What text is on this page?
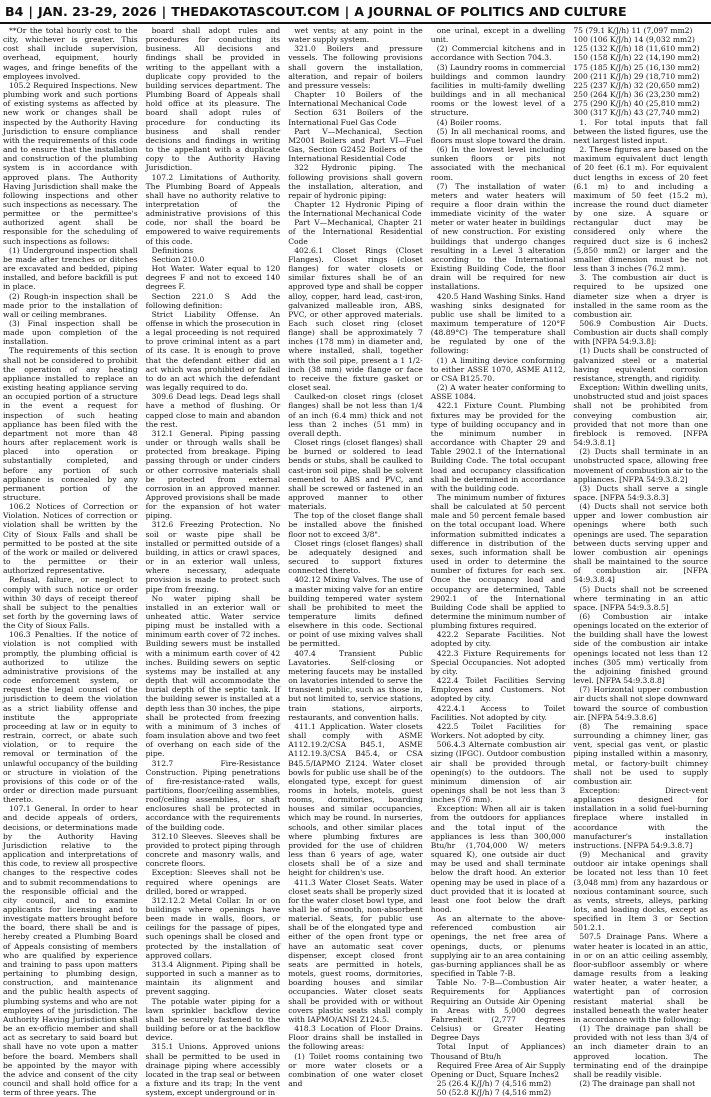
B4 | JAN. 23-29, 2026 | THEDAKOTASCOUT.COM | A JOURNAL OF POLITICS AND CULTURE

**Or the total hourly cost to the city, whichever is greater. This cost shall include supervision, overhead, equipment, hourly wages, and fringe benefits of the employees involved.

105.2 Required Inspections. New plumbing work and such portions of existing systems as affected by new work or changes shall be inspected by the Authority Having Jurisdiction to ensure compliance with the requirements of this code and to ensure that the installation and construction of the plumbing system is in accordance with approved plans. The Authority Having Jurisdiction shall make the following inspections and other such inspections as necessary. The permittee or the permittee's authorized agent shall be responsible for the scheduling of such inspections as follows:

(1) Underground inspection shall be made after trenches or ditches are excavated and bedded, piping installed, and before backfill is put in place.

(2) Rough-in inspection shall be made prior to the installation of wall or ceiling membranes.

(3) Final inspection shall be made upon completion of the installation.

The requirements of this section shall not be considered to prohibit the operation of any heating appliance installed to replace an existing heating appliance serving an occupied portion of a structure in the event a request for inspection of such heating appliance has been filed with the department not more than 48 hours after replacement work is placed into operation or substantially completed, and before any portion of such appliance is concealed by any permanent portion of the structure.

106.2 Notices of Correction or Violation. Notices of correction or violation shall be written by the City of Sioux Falls and shall be permitted to be posted at the site of the work or mailed or delivered to the permittee or their authorized representative.

Refusal, failure, or neglect to comply with such notice or order within 30 days of receipt thereof shall be subject to the penalties set forth by the governing laws of the City of Sioux Falls.

106.3 Penalties. If the notice of violation is not complied with promptly, the plumbing official is authorized to utilize the administrative provisions of the code enforcement system, or request the legal counsel of the jurisdiction to deem the violation as a strict liability offense and institute the appropriate proceeding at law or in equity to restrain, correct, or abate such violation, or to require the removal or termination of the unlawful occupancy of the building or structure in violation of the provisions of this code or of the order or direction made pursuant thereto.

107.1 General. In order to hear and decide appeals of orders, decisions, or determinations made by the Authority Having Jurisdiction relative to the application and interpretations of this code, to review all prospective changes to the respective codes and to submit recommendations to the responsible official and the city council, and to examine applicants for licensing and to investigate matters brought before the board, there shall be and is hereby created a Plumbing Board of Appeals consisting of members who are qualified by experience and training to pass upon matters pertaining to plumbing design, construction, and maintenance and the public health aspects of plumbing systems and who are not employees of the jurisdiction. The Authority Having Jurisdiction shall be an ex-officio member and shall act as secretary to said board but shall have no vote upon a matter before the board. Members shall be appointed by the mayor with the advice and consent of the city council and shall hold office for a term of three years. The

board shall adopt rules and procedures for conducting its business. All decisions and findings shall be provided in writing to the appellant with a duplicate copy provided to the building services department. The Plumbing Board of Appeals shall hold office at its pleasure. The board shall adopt rules of procedure for conducting its business and shall render decisions and findings in writing to the appellant with a duplicate copy to the Authority Having Jurisdiction.

107.2 Limitations of Authority. The Plumbing Board of Appeals shall have no authority relative to interpretation of the administrative provisions of this code, nor shall the board be empowered to waive requirements of this code.

Definitions

Section 210.0

Hot Water. Water equal to 120 degrees F and not to exceed 140 degrees F.

Section 221.0 S Add the following definition:

Strict Liability Offense. An offense in which the prosecution in a legal proceeding is not required to prove criminal intent as a part of its case. It is enough to prove that the defendant either did an act which was prohibited or failed to do an act which the defendant was legally required to do.

309.6 Dead legs. Dead legs shall have a method of flushing. Or capped close to main and abandon the rest.

312.1 General. Piping passing under or through walls shall be protected from breakage. Piping passing through or under cinders or other corrosive materials shall be protected from external corrosion in an approved manner. Approved provisions shall be made for the expansion of hot water piping.

312.6 Freezing Protection. No soil or waste pipe shall be installed or permitted outside of a building, in attics or crawl spaces, or in an exterior wall unless, where necessary, adequate provision is made to protect such pipe from freezing.

No water piping shall be installed in an exterior wall or unheated attic. Water service piping must be installed with a minimum earth cover of 72 inches. Building sewers must be installed with a minimum earth cover of 42 inches. Building sewers on septic systems may be installed at any depth that will accommodate the burial depth of the septic tank. If the building sewer is installed at a depth less than 30 inches, the pipe shall be protected from freezing with a minimum of 3 inches of foam insulation above and two feet of overhang on each side of the pipe.

312.7 Fire-Resistance Construction. Piping penetrations of fire-resistance-rated walls, partitions, floor/ceiling assemblies, roof/ceiling assemblies, or shaft enclosures shall be protected in accordance with the requirements of the building code.

312.10 Sleeves. Sleeves shall be provided to protect piping through concrete and masonry walls, and concrete floors.

Exception: Sleeves shall not be required where openings are drilled, bored or wrapped.

312.12.2 Metal Collar. In or on buildings where openings have been made in walls, floors, or ceilings for the passage of pipes, such openings shall be closed and protected by the installation of approved collars.

313.4 Alignment. Piping shall be supported in such a manner as to maintain its alignment and prevent sagging.

The potable water piping for a lawn sprinkler backflow device shall be securely fastened to the building before or at the backflow device.

315.1 Unions. Approved unions shall be permitted to be used in drainage piping where accessibly located in the trap seal or between a fixture and its trap; In the vent system, except underground or in

wet vents; at any point in the water supply system.

321.0 Boilers and pressure vessels. The following provisions shall govern the installation, alteration, and repair of boilers and pressure vessels:

Chapter 10 Boilers of the International Mechanical Code

Section 631 Boilers of the International Fuel Gas Code

Part V—Mechanical, Section M2001 Boilers and Part VI—Fuel Gas, Section G2452 Boilers of the International Residential Code

322 Hydronic piping. The following provisions shall govern the installation, alteration, and repair of hydronic piping:

Chapter 12 Hydronic Piping of the International Mechanical Code

Part V—Mechanical, Chapter 21 of the International Residential Code

402.6.1 Closet Rings (Closet Flanges). Closet rings (closet flanges) for water closets or similar fixtures shall be of an approved type and shall be copper alloy, copper, hard lead, cast-iron, galvanized malleable iron, ABS, PVC, or other approved materials. Each such closet ring (closet flange) shall be approximately 7 inches (178 mm) in diameter and, where installed, shall, together with the soil pipe, present a 1 1/2-inch (38 mm) wide flange or face to receive the fixture gasket or closet seal.

Caulked-on closet rings (closet flanges) shall be not less than 1/4 of an inch (6.4 mm) thick and not less than 2 inches (51 mm) in overall depth.

Closet rings (closet flanges) shall be burned or soldered to lead bends or stubs, shall be caulked to cast-iron soil pipe, shall be solvent cemented to ABS and PVC, and shall be screwed or fastened in an approved manner to other materials.

The top of the closet flange shall be installed above the finished floor not to exceed 3/8".

Closet rings (closet flanges) shall be adequately designed and secured to support fixtures connected thereto.

402.12 Mixing Valves. The use of a master mixing valve for an entire building tempered water system shall be prohibited to meet the temperature limits defined elsewhere in this code. Sectional or point of use mixing valves shall be permitted.

407.4 Transient Public Lavatories. Self-closing or metering faucets may be installed on lavatories intended to serve the transient public, such as those in, but not limited to, service stations, train stations, airports, restaurants, and convention halls.

411.1 Application. Water closets shall comply with ASME A112.19.2/CSA B45.1, ASME A112.19.3/CSA B45.4, or CSA B45.5/IAPMO Z124. Water closet bowls for public use shall be of the elongated type, except for guest rooms in hotels, motels, guest rooms, dormitories, boarding houses and similar occupancies, which may be round. In nurseries, schools, and other similar places where plumbing fixtures are provided for the use of children less than 6 years of age, water closets shall be of a size and height for children's use.

411.3 Water Closet Seats. Water closet seats shall be properly sized for the water closet bowl type, and shall be of smooth, non-absorbent material. Seats, for public use shall be of the elongated type and either of the open front type or have an automatic seat cover dispenser, except closed front seats are permitted in hotels, motels, guest rooms, dormitories, boarding houses and similar occupancies. Water closet seats shall be provided with or without covers plastic seats shall comply with IAPMO/ANSI Z124.5.

418.3 Location of Floor Drains. Floor drains shall be installed in the following areas:

(1) Toilet rooms containing two or more water closets or a combination of one water closet and

one urinal, except in a dwelling unit.

(2) Commercial kitchens and in accordance with Section 704.3.

(3) Laundry rooms in commercial buildings and common laundry facilities in multi-family dwelling buildings and in all mechanical rooms or the lowest level of a structure.

(4) Boiler rooms.

(5) In all mechanical rooms, and floors must slope toward the drain.

(6) In the lowest level including sunken floors or pits not associated with the mechanical room.

(7) The installation of water meters and water heaters will require a floor drain within the immediate vicinity of the water meter or water heater in buildings of new construction. For existing buildings that undergo changes resulting in a Level 3 alteration according to the International Existing Building Code, the floor drain will be required for new installations.

420.5 Hand Washing Sinks. Hand washing sinks designated for public use shall be limited to a maximum temperature of 120°F (48.89°C) The temperature shall be regulated by one of the following:

(1) A limiting device conforming to either ASSE 1070, ASME A112, or CSA B125.70.

(2) A water heater conforming to ASSE 1084.

422.1 Fixture Count. Plumbing fixtures may be provided for the type of building occupancy and in the minimum number in accordance with Chapter 29 and Table 2902.1 of the International Building Code. The total occupant load and occupancy classification shall be determined in accordance with the building code.

The minimum number of fixtures shall be calculated at 50 percent male and 50 percent female based on the total occupant load. Where information submitted indicates a difference in distribution of the sexes, such information shall be used in order to determine the number of fixtures for each sex. Once the occupancy load and occupancy are determined, Table 2902.1 of the International Building Code shall be applied to determine the minimum number of plumbing fixtures required.

422.2 Separate Facilities. Not adopted by city.

422.3 Fixture Requirements for Special Occupancies. Not adopted by city.

422.4 Toilet Facilities Serving Employees and Customers. Not adopted by city.

422.4.1 Access to Toilet Facilities. Not adopted by city.

422.5 Toilet Facilities for Workers. Not adopted by city.

506.4.3 Alternate combustion air sizing (IFGC). Outdoor combustion air shall be provided through opening(s) to the outdoors. The minimum dimension of air openings shall be not less than 3 inches (76 mm).

Exception: When all air is taken from the outdoors for appliances and the total input of the appliances is less than 300,000 Btu/hr (1,704,000 W/ meters squared K), one outside air duct may be used and shall terminate below the draft hood. An exterior opening may be used in place of a duct provided that it is located at least one foot below the draft hood.

As an alternate to the above-referenced combustion air openings, the net free area of openings, ducts, or plenums supplying air to an area containing gas-burning appliances shall be as specified in Table 7-B.

Table No. 7-B—Combustion Air Requirements for Appliances Requiring an Outside Air Opening in Areas with 5,000 degrees Fahrenheit (2,777 degrees Celsius) or Greater Heating Degree Days

Total Input of Appliances) Thousand of Btu/h

Required Free Area of Air Supply Opening or Duct, Square Inches2

25 (26.4 K/J/h) 7 (4,516 mm2)

50 (52.8 K/J/h) 7 (4,516 mm2)

75 (79.1 K/J/h) 11 (7,097 mm2)

100 (106 K/J/h) 14 (9,032 mm2)

125 (132 K/J/h) 18 (11,610 mm2)

150 (158 K/J/h) 22 (14,190 mm2)

175 (185 K/J/h) 25 (16,130 mm2)

200 (211 K/J/h) 29 (18,710 mm2)

225 (237 K/J/h) 32 (20,650 mm2)

250 (264 K/J/h) 36 (23,230 mm2)

275 (290 K/J/h) 40 (25,810 mm2)

300 (317 K/J/h) 43 (27,740 mm2)

1. For total inputs that fall between the listed figures, use the next largest listed input.

2. These figures are based on the maximum equivalent duct length of 20 feet (6.1 m). For equivalent duct lengths in excess of 20 feet (6.1 m) to and including a maximum of 50 feet (15.2 m), increase the round duct diameter by one size. A square or rectangular duct may be considered only where the required duct size is 6 inches2 (5,850 mm2) or larger and the smaller dimension must be not less than 3 inches (76.2 mm).

3. The combustion air duct is required to be upsized one diameter size when a dryer is installed in the same room as the combustion air.

506.9 Combustion Air Ducts. Combustion air ducts shall comply with [NFPA 54:9.3.8]:

(1) Ducts shall be constructed of galvanized steel or a material having equivalent corrosion resistance, strength, and rigidity.

Exception: Within dwelling units, unobstructed stud and joist spaces shall not be prohibited from conveying combustion air, provided that not more than one fireblock is removed. [NFPA 54:9.3.8.1]

(2) Ducts shall terminate in an unobstructed space, allowing free movement of combustion air to the appliances. [NFPA 54:9.3.8.2]

(3) Ducts shall serve a single space. [NFPA 54:9.3.8.3]

(4) Ducts shall not service both upper and lower combustion air openings where both such openings are used. The separation between ducts serving upper and lower combustion air openings shall be maintained to the source of combustion air. [NFPA 54:9.3.8.4]

(5) Ducts shall not be screened where terminating in an attic space. [NFPA 54:9.3.8.5]

(6) Combustion air intake openings located on the exterior of the building shall have the lowest side of the combustion air intake openings located not less than 12 inches (305 mm) vertically from the adjoining finished ground level. [NFPA 54:9.3.8.8]

(7) Horizontal upper combustion air ducts shall not slope downward toward the source of combustion air. [NFPA 54:9.3.8.6]

(8) The remaining space surrounding a chimney liner, gas vent, special gas vent, or plastic piping installed within a masonry, metal, or factory-built chimney shall not be used to supply combustion air.

Exception: Direct-vent appliances designed for installation in a solid fuel-burning fireplace where installed in accordance with the manufacturer's installation instructions. [NFPA 54:9.3.8.7]

(9) Mechanical and gravity outdoor air intake openings shall be located not less than 10 feet (3,048 mm) from any hazardous or noxious contaminant source, such as vents, streets, alleys, parking lots, and loading docks, except as specified in Item 3 or Section 501.2.1.

507.5 Drainage Pans. Where a water heater is located in an attic, in or on an attic ceiling assembly, floor-subfloor assembly or where damage results from a leaking water heater, a water heater, a watertight pan of corrosion resistant material shall be installed beneath the water heater in accordance with the following:

(1) The drainage pan shall be provided with not less than 3/4 of an inch diameter drain to an approved location. The terminating end of the drainpipe shall be readily visible.

(2) The drainage pan shall not
